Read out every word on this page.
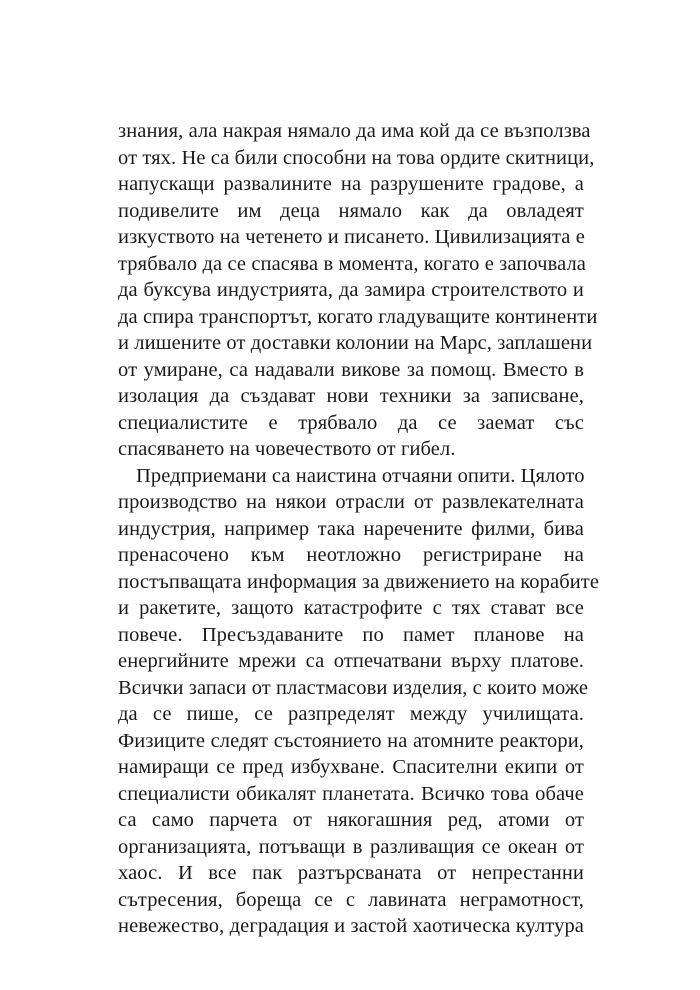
знания, ала накрая нямало да има кой да се възползва
от тях. Не са били способни на това ордите скитници,
напускащи развалините на разрушените градове, а
подивелите им деца нямало как да овладеят
изкуството на четенето и писането. Цивилизацията е
трябвало да се спасява в момента, когато е започвала
да буксува индустрията, да замира строителството и
да спира транспортът, когато гладуващите континенти
и лишените от доставки колонии на Марс, заплашени
от умиране, са надавали викове за помощ. Вместо в
изолация да създават нови техники за записване,
специалистите е трябвало да се заемат със
спасяването на човечеството от гибел.
Предприемани са наистина отчаяни опити. Цялото
производство на някои отрасли от развлекателната
индустрия, например така наречените филми, бива
пренасочено към неотложно регистриране на
постъпващата информация за движението на корабите
и ракетите, защото катастрофите с тях стават все
повече. Пресъздаваните по памет планове на
енергийните мрежи са отпечатвани върху платове.
Всички запаси от пластмасови изделия, с които може
да се пише, се разпределят между училищата.
Физиците следят състоянието на атомните реактори,
намиращи се пред избухване. Спасителни екипи от
специалисти обикалят планетата. Всичко това обаче
са само парчета от някогашния ред, атоми от
организацията, потъващи в разливащия се океан от
хаос. И все пак разтърсваната от непрестанни
сътресения, бореща се с лавината неграмотност,
невежество, деградация и застой хаотическа култура
